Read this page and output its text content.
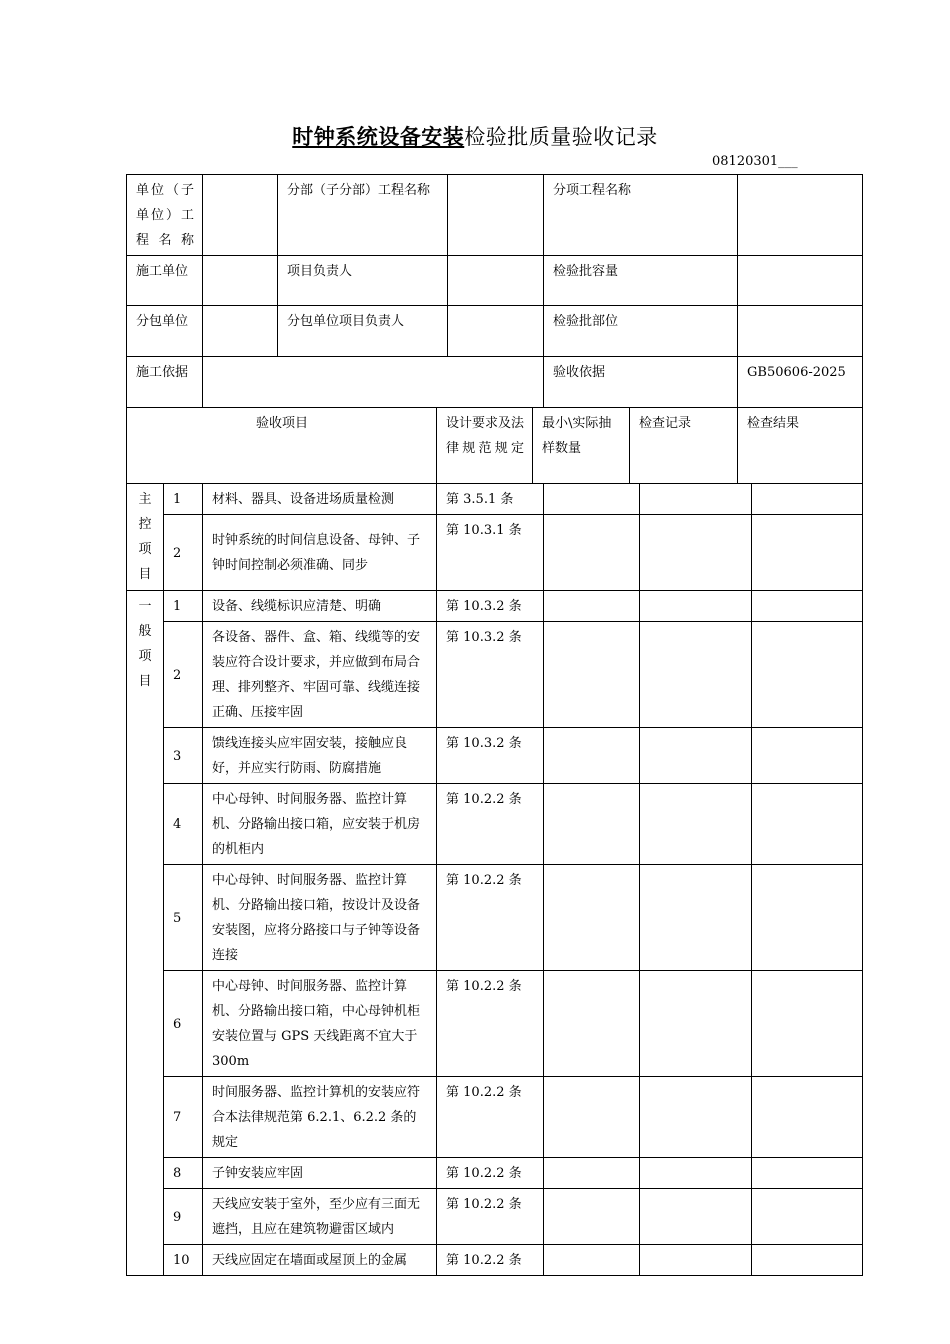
时钟系统设备安装检验批质量验收记录
08120301___
单位（子单位）工程名称			分部（子分部）工程名称				分项工程名称				
施工单位			项目负责人				检验批容量				
分包单位			分包单位项目负责人				检验批部位				
施工依据							验收依据			GB50606-2025	
验收项目				设计要求及法律规范规定		最小\实际抽样数量		检查记录		检查结果	

主
控
项
目	1	材料、器具、设备进场质量检测		第 3.5.1 条							
	2	时钟系统的时间信息设备、母钟、子钟时间控制必须准确、同步		第 10.3.1 条							

一
般
项
目	1	设备、线缆标识应清楚、明确		第 10.3.2 条							
	2	各设备、器件、盒、箱、线缆等的安装应符合设计要求，并应做到布局合理、排列整齐、牢固可靠、线缆连接正确、压接牢固		第 10.3.2 条							
	3	馈线连接头应牢固安装，接触应良好，并应实行防雨、防腐措施		第 10.3.2 条							
	4	中心母钟、时间服务器、监控计算机、分路输出接口箱，应安装于机房的机柜内		第 10.2.2 条							
	5	中心母钟、时间服务器、监控计算机、分路输出接口箱，按设计及设备安装图，应将分路接口与子钟等设备连接		第 10.2.2 条							
	6	中心母钟、时间服务器、监控计算机、分路输出接口箱，中心母钟机柜安装位置与 GPS 天线距离不宜大于 300m		第 10.2.2 条							
	7	时间服务器、监控计算机的安装应符合本法律规范第 6.2.1、6.2.2 条的规定		第 10.2.2 条							
	8	子钟安装应牢固		第 10.2.2 条							
	9	天线应安装于室外，至少应有三面无遮挡，且应在建筑物避雷区域内		第 10.2.2 条							
	10	天线应固定在墙面或屋顶上的金属		第 10.2.2 条							
